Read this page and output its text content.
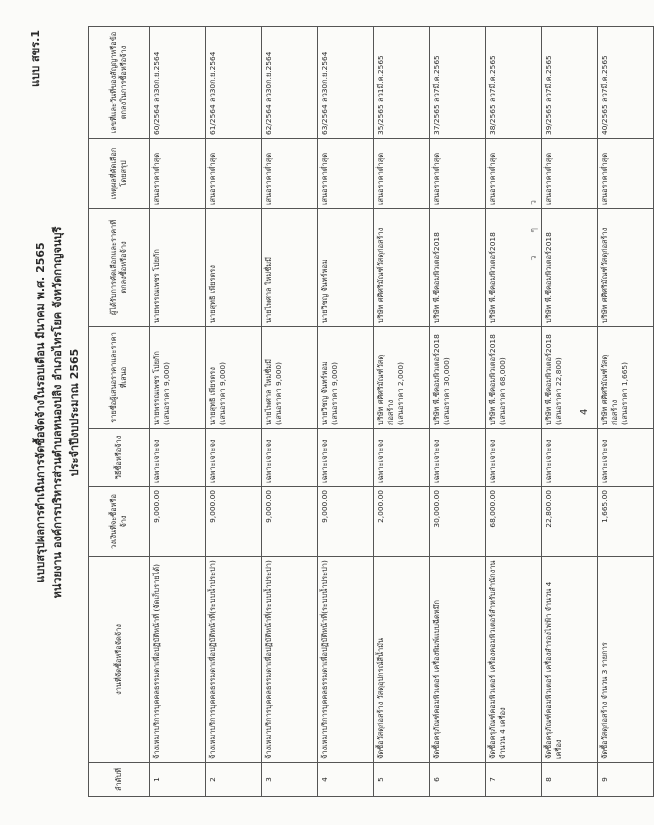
แบบ สขร.1
แบบสรุปผลการดำเนินการจัดซื้อจัดจ้างในรอบเดือน มีนาคม พ.ศ. 2565 หน่วยงาน องค์การบริหารส่วนตำบลหนองปลิง อำเภอไทรโยค จังหวัดกาญจนบุรี ประจำปีงบประมาณ 2565
ลำดับที่	งานที่จัดซื้อหรือจัดจ้าง	วงเงินที่จะซื้อหรือจ้าง	วิธีซื้อหรือจ้าง	รายชื่อผู้เสนอราคาและราคาที่เสนอ	ผู้ได้รับการคัดเลือกและราคาที่ตกลงซื้อหรือจ้าง	เหตุผลที่คัดเลือกโดยสรุป	เลขที่และวันที่ของสัญญาหรือข้อตกลงในการซื้อหรือจ้าง

1	จ้างเหมาบริการบุคคลธรรมดาเพื่อปฏิบัติหน้าที่ (จัดเก็บรายได้)	9,000.00	เฉพาะเจาะจง	นายพรรณเพชร โปยกัก (เสนอราคา 9,000)	นายพรรณเพชร โปยกัก	เสนอราคาต่ำสุด	60/2564 ลว30ก.ย.2564

2	จ้างเหมาบริการบุคคลธรรมดาเพื่อปฏิบัติหน้าที่(ระบบน้ำประปา)	9,000.00	เฉพาะเจาะจง	นายสุทธิ เพียรตรง (เสนอราคา 9,000)	นายสุทธิ เพียรตรง	เสนอราคาต่ำสุด	61/2564 ลว30ก.ย.2564

3	จ้างเหมาบริการบุคคลธรรมดาเพื่อปฏิบัติหน้าที่(ระบบน้ำประปา)	9,000.00	เฉพาะเจาะจง	นายไพศาล ใหม่ชื่มมี (เสนอราคา 9,000)	นายไพศาล ใหม่ชื่มมี	เสนอราคาต่ำสุด	62/2564 ลว30ก.ย.2564

4	จ้างเหมาบริการบุคคลธรรมดาเพื่อปฏิบัติหน้าที่(ระบบน้ำประปา)	9,000.00	เฉพาะเจาะจง	นายวิชญ จันทร์หอม (เสนอราคา 9,000)	นายวิชญ จันทร์หอม	เสนอราคาต่ำสุด	63/2564 ลว30ก.ย.2564

5	จัดซื้อวัสดุก่อสร้าง วัสดุอุปกรณ์สีน้ำมัน	2,000.00	เฉพาะเจาะจง	บริษัท ศศิศริมัณฑ์วัสดุก่อสร้าง (เสนอราคา 2,000)	บริษัท ศศิศริมัณฑ์วัสดุก่อสร้าง	เสนอราคาต่ำสุด	35/2565 ลว1มี.ค.2565

6	จัดซื้อครุภัณฑ์คอมพิวเตอร์ เครื่องพิมพ์แบบฉีดหมึก	30,000.00	เฉพาะเจาะจง	บริษัท พี.ซีคอมพิวเตอร์2018 (เสนอราคา 30,000)	บริษัท พี.ซีคอมพิวเตอร์2018	เสนอราคาต่ำสุด	37/2565 ลว7มี.ค.2565

7	จัดซื้อครุภัณฑ์คอมพิวเตอร์ เครื่องคอมพิวเตอร์สำหรับสำนักงาน จำนวน 4 เครื่อง	68,000.00	เฉพาะเจาะจง	บริษัท พี.ซีคอมพิวเตอร์2018 (เสนอราคา 68,000)	บริษัท พี.ซีคอมพิวเตอร์2018	เสนอราคาต่ำสุด	38/2565 ลว7มี.ค.2565

8	จัดซื้อครุภัณฑ์คอมพิวเตอร์ เครื่องสำรองไฟฟ้า จำนวน 4 เครื่อง	22,800.00	เฉพาะเจาะจง	บริษัท พี.ซีคอมพิวเตอร์2018 (เสนอราคา 22,800)	บริษัท พี.ซีคอมพิวเตอร์2018	เสนอราคาต่ำสุด	39/2565 ลว7มี.ค.2565

9	จัดซื้อวัสดุก่อสร้าง จำนวน 3 รายการ	1,665.00	เฉพาะเจาะจง	บริษัท ศศิศริมัณฑ์วัสดุก่อสร้าง (เสนอราคา 1,665)	บริษัท ศศิศริมัณฑ์วัสดุก่อสร้าง	เสนอราคาต่ำสุด	40/2565 ลว7มี.ค.2565
ว ๆ ว
4
